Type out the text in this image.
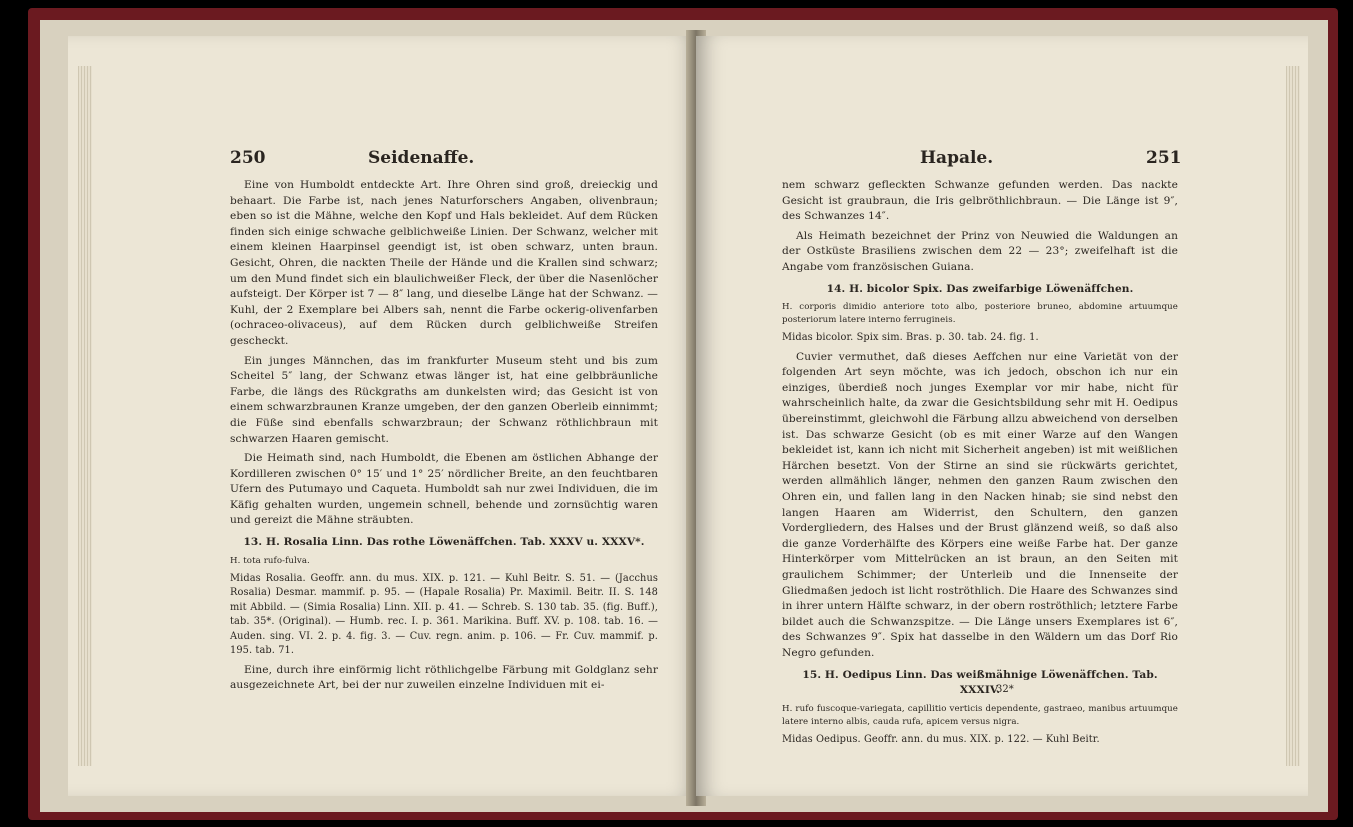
250	Seidenaffe.

Eine von Humboldt entdeckte Art. Ihre Ohren sind groß, dreieckig und behaart. Die Farbe ist, nach jenes Naturforschers Angaben, olivenbraun; eben so ist die Mähne, welche den Kopf und Hals bekleidet. Auf dem Rücken finden sich einige schwache gelblichweiße Linien. Der Schwanz, welcher mit einem kleinen Haarpinsel geendigt ist, ist oben schwarz, unten braun. Gesicht, Ohren, die nackten Theile der Hände und die Krallen sind schwarz; um den Mund findet sich ein blaulichweißer Fleck, der über die Nasenlöcher aufsteigt. Der Körper ist 7 — 8″ lang, und dieselbe Länge hat der Schwanz. — Kuhl, der 2 Exemplare bei Albers sah, nennt die Farbe ockerig-olivenfarben (ochraceo-olivaceus), auf dem Rücken durch gelblichweiße Streifen gescheckt.

Ein junges Männchen, das im frankfurter Museum steht und bis zum Scheitel 5″ lang, der Schwanz etwas länger ist, hat eine gelbbräunliche Farbe, die längs des Rückgraths am dunkelsten wird; das Gesicht ist von einem schwarzbraunen Kranze umgeben, der den ganzen Oberleib einnimmt; die Füße sind ebenfalls schwarzbraun; der Schwanz röthlichbraun mit schwarzen Haaren gemischt.

Die Heimath sind, nach Humboldt, die Ebenen am östlichen Abhange der Kordilleren zwischen 0° 15′ und 1° 25′ nördlicher Breite, an den feuchtbaren Ufern des Putumayo und Caqueta. Humboldt sah nur zwei Individuen, die im Käfig gehalten wurden, ungemein schnell, behende und zornsüchtig waren und gereizt die Mähne sträubten.

13. H. Rosalia Linn. Das rothe Löwenäffchen. Tab. XXXV u. XXXV*.

H. tota rufo-fulva.

Midas Rosalia. Geoffr. ann. du mus. XIX. p. 121. — Kuhl Beitr. S. 51. — (Jacchus Rosalia) Desmar. mammif. p. 95. — (Hapale Rosalia) Pr. Maximil. Beitr. II. S. 148 mit Abbild. — (Simia Rosalia) Linn. XII. p. 41. — Schreb. S. 130 tab. 35. (fig. Buff.), tab. 35*. (Original). — Humb. rec. I. p. 361. Marikina. Buff. XV. p. 108. tab. 16. — Auden. sing. VI. 2. p. 4. fig. 3. — Cuv. regn. anim. p. 106. — Fr. Cuv. mammif. p. 195. tab. 71.

Eine, durch ihre einförmig licht röthlichgelbe Färbung mit Goldglanz sehr ausgezeichnete Art, bei der nur zuweilen einzelne Individuen mit ei-

Hapale.	251

nem schwarz gefleckten Schwanze gefunden werden. Das nackte Gesicht ist graubraun, die Iris gelbröthlichbraun. — Die Länge ist 9″, des Schwanzes 14″.

Als Heimath bezeichnet der Prinz von Neuwied die Waldungen an der Ostküste Brasiliens zwischen dem 22 — 23°; zweifelhaft ist die Angabe vom französischen Guiana.

14. H. bicolor Spix. Das zweifarbige Löwenäffchen.

H. corporis dimidio anteriore toto albo, posteriore bruneo, abdomine artuumque posteriorum latere interno ferrugineis.

Midas bicolor. Spix sim. Bras. p. 30. tab. 24. fig. 1.

Cuvier vermuthet, daß dieses Aeffchen nur eine Varietät von der folgenden Art seyn möchte, was ich jedoch, obschon ich nur ein einziges, überdieß noch junges Exemplar vor mir habe, nicht für wahrscheinlich halte, da zwar die Gesichtsbildung sehr mit H. Oedipus übereinstimmt, gleichwohl die Färbung allzu abweichend von derselben ist. Das schwarze Gesicht (ob es mit einer Warze auf den Wangen bekleidet ist, kann ich nicht mit Sicherheit angeben) ist mit weißlichen Härchen besetzt. Von der Stirne an sind sie rückwärts gerichtet, werden allmählich länger, nehmen den ganzen Raum zwischen den Ohren ein, und fallen lang in den Nacken hinab; sie sind nebst den langen Haaren am Widerrist, den Schultern, den ganzen Vordergliedern, des Halses und der Brust glänzend weiß, so daß also die ganze Vorderhälfte des Körpers eine weiße Farbe hat. Der ganze Hinterkörper vom Mittelrücken an ist braun, an den Seiten mit graulichem Schimmer; der Unterleib und die Innenseite der Gliedmaßen jedoch ist licht roströthlich. Die Haare des Schwanzes sind in ihrer untern Hälfte schwarz, in der obern roströthlich; letztere Farbe bildet auch die Schwanzspitze. — Die Länge unsers Exemplares ist 6″, des Schwanzes 9″. Spix hat dasselbe in den Wäldern um das Dorf Rio Negro gefunden.

15. H. Oedipus Linn. Das weißmähnige Löwenäffchen. Tab. XXXIV.

H. rufo fuscoque-variegata, capillitio verticis dependente, gastraeo, manibus artuumque latere interno albis, cauda rufa, apicem versus nigra.

Midas Oedipus. Geoffr. ann. du mus. XIX. p. 122. — Kuhl Beitr.

32*
